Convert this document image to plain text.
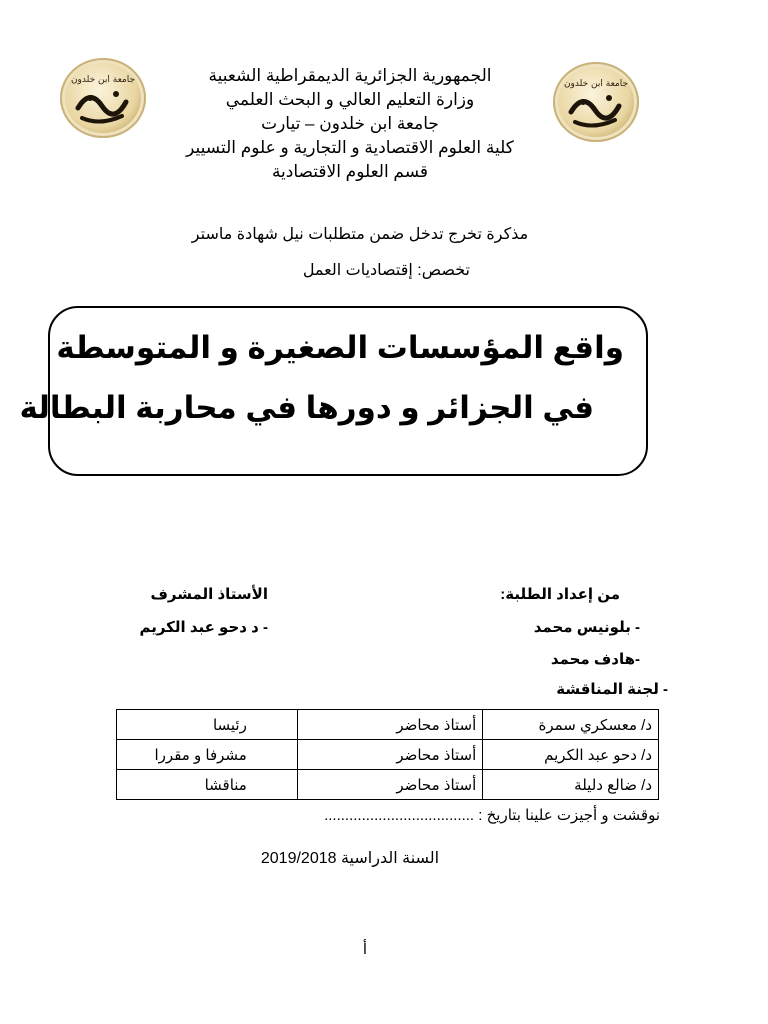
جامعة ابن خلدون	جامعة ابن خلدون
الجمهورية الجزائرية الديمقراطية الشعبية
وزارة التعليم العالي و البحث العلمي
جامعة ابن خلدون – تيارت
كلية العلوم الاقتصادية و التجارية و علوم التسيير
قسم العلوم الاقتصادية
مذكرة تخرج تدخل ضمن متطلبات نيل شهادة ماستر
تخصص: إقتصاديات العمل
واقع المؤسسات الصغيرة و المتوسطة
في الجزائر و دورها في محاربة البطالة
من إعداد الطلبة:
- بلونيس محمد
-هادف محمد
الأستاذ المشرف
- د دحو عبد الكريم
- لجنة المناقشة
د/ معسكري سمرة	أستاذ محاضر	رئيسا
د/ دحو عبد الكريم	أستاذ محاضر	مشرفا و مقررا
د/ ضالع دليلة	أستاذ محاضر	مناقشا
نوقشت و أجيزت علينا بتاريخ : ....................................
السنة الدراسية 2019/2018
أ
